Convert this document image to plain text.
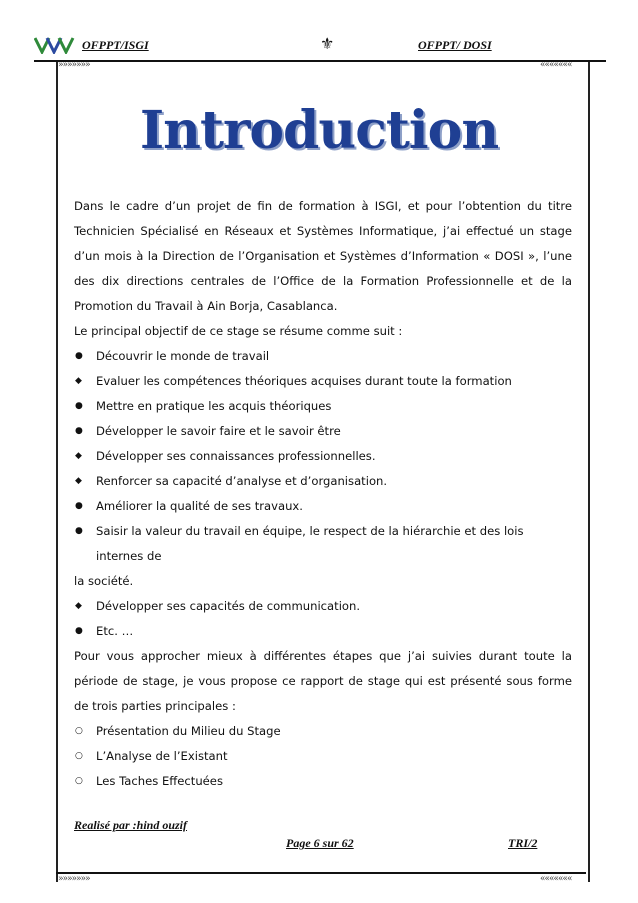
»»»»»»»	«««««««
»»»»»»»	«««««««
OFPPT/ISGI	⚜	OFPPT/ DOSI
Introduction

Dans le cadre d’un projet de fin de formation à ISGI, et pour l’obtention du titre Technicien Spécialisé en Réseaux et Systèmes Informatique, j’ai effectué un stage d’un mois à la Direction de l’Organisation et Systèmes d’Information « DOSI », l’une des dix directions centrales de l’Office de la Formation Professionnelle et de la Promotion du Travail à Ain Borja, Casablanca.

Le principal objectif de ce stage se résume comme suit :
● Découvrir le monde de travail
◆ Evaluer les compétences théoriques acquises durant toute la formation
● Mettre en pratique les acquis théoriques
● Développer le savoir faire et le savoir être
◆ Développer ses connaissances professionnelles.
◆ Renforcer sa capacité d’analyse et d’organisation.
● Améliorer la qualité de ses travaux.
● Saisir la valeur du travail en équipe, le respect de la hiérarchie et des lois internes de
la société.
◆ Développer ses capacités de communication.
● Etc. …

Pour vous approcher mieux à différentes étapes que j’ai suivies durant toute la période de stage, je vous propose ce rapport de stage qui est présenté sous forme de trois parties principales :

○ Présentation du Milieu du Stage
○ L’Analyse de l’Existant
○ Les Taches Effectuées
Realisé par :hind ouzif
Page 6 sur 62	TRI/2
